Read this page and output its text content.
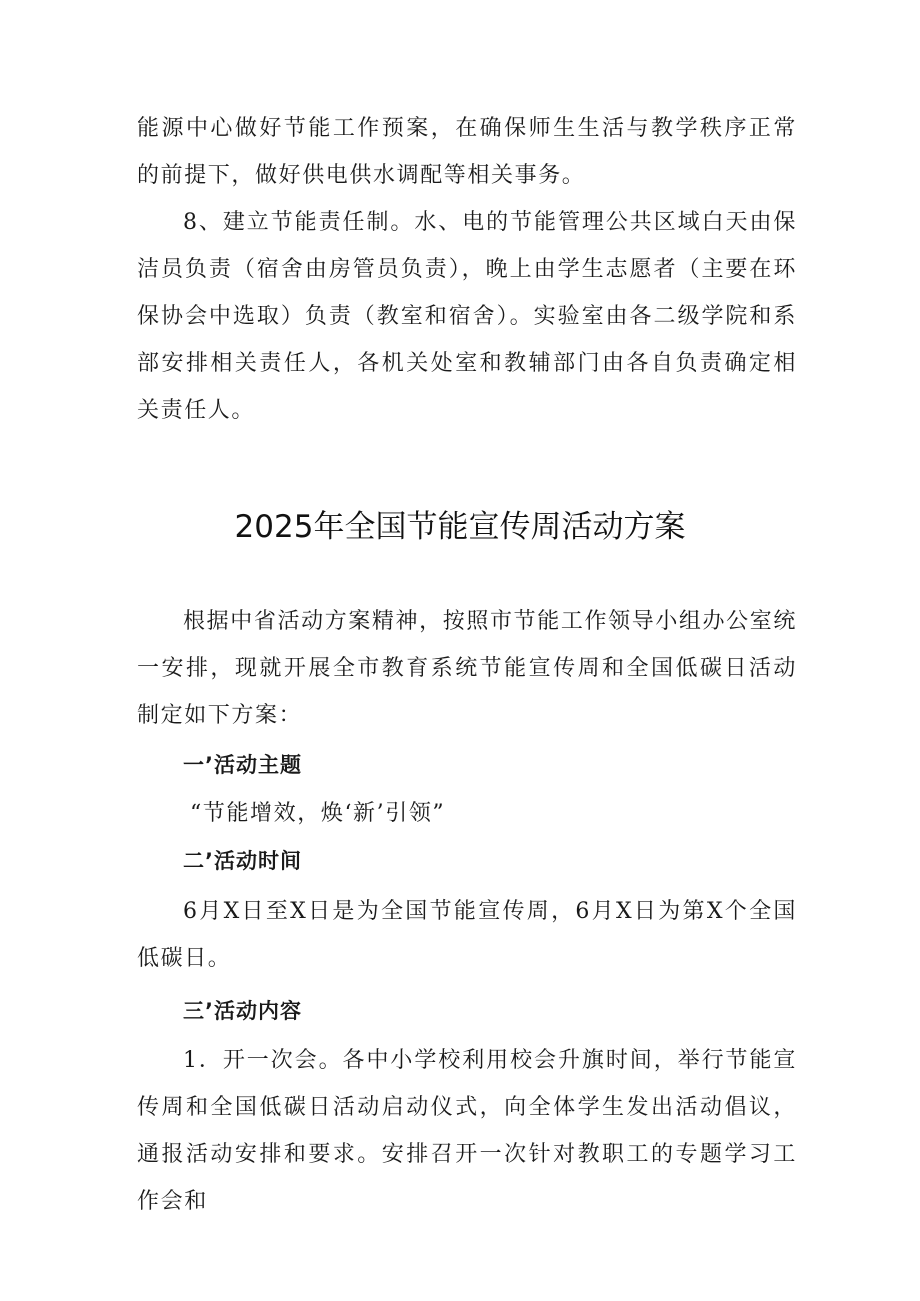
能源中心做好节能工作预案，在确保师生生活与教学秩序正常的前提下，做好供电供水调配等相关事务。

8、建立节能责任制。水、电的节能管理公共区域白天由保洁员负责（宿舍由房管员负责），晚上由学生志愿者（主要在环保协会中选取）负责（教室和宿舍）。实验室由各二级学院和系部安排相关责任人，各机关处室和教辅部门由各自负责确定相关责任人。

2025年全国节能宣传周活动方案

根据中省活动方案精神，按照市节能工作领导小组办公室统一安排，现就开展全市教育系统节能宣传周和全国低碳日活动制定如下方案：

一’活动主题

“节能增效，焕‘新’引领”

二’活动时间

6月X日至X日是为全国节能宣传周，6月X日为第X个全国低碳日。

三’活动内容

1．开一次会。各中小学校利用校会升旗时间，举行节能宣传周和全国低碳日活动启动仪式，向全体学生发出活动倡议，通报活动安排和要求。安排召开一次针对教职工的专题学习工作会和
